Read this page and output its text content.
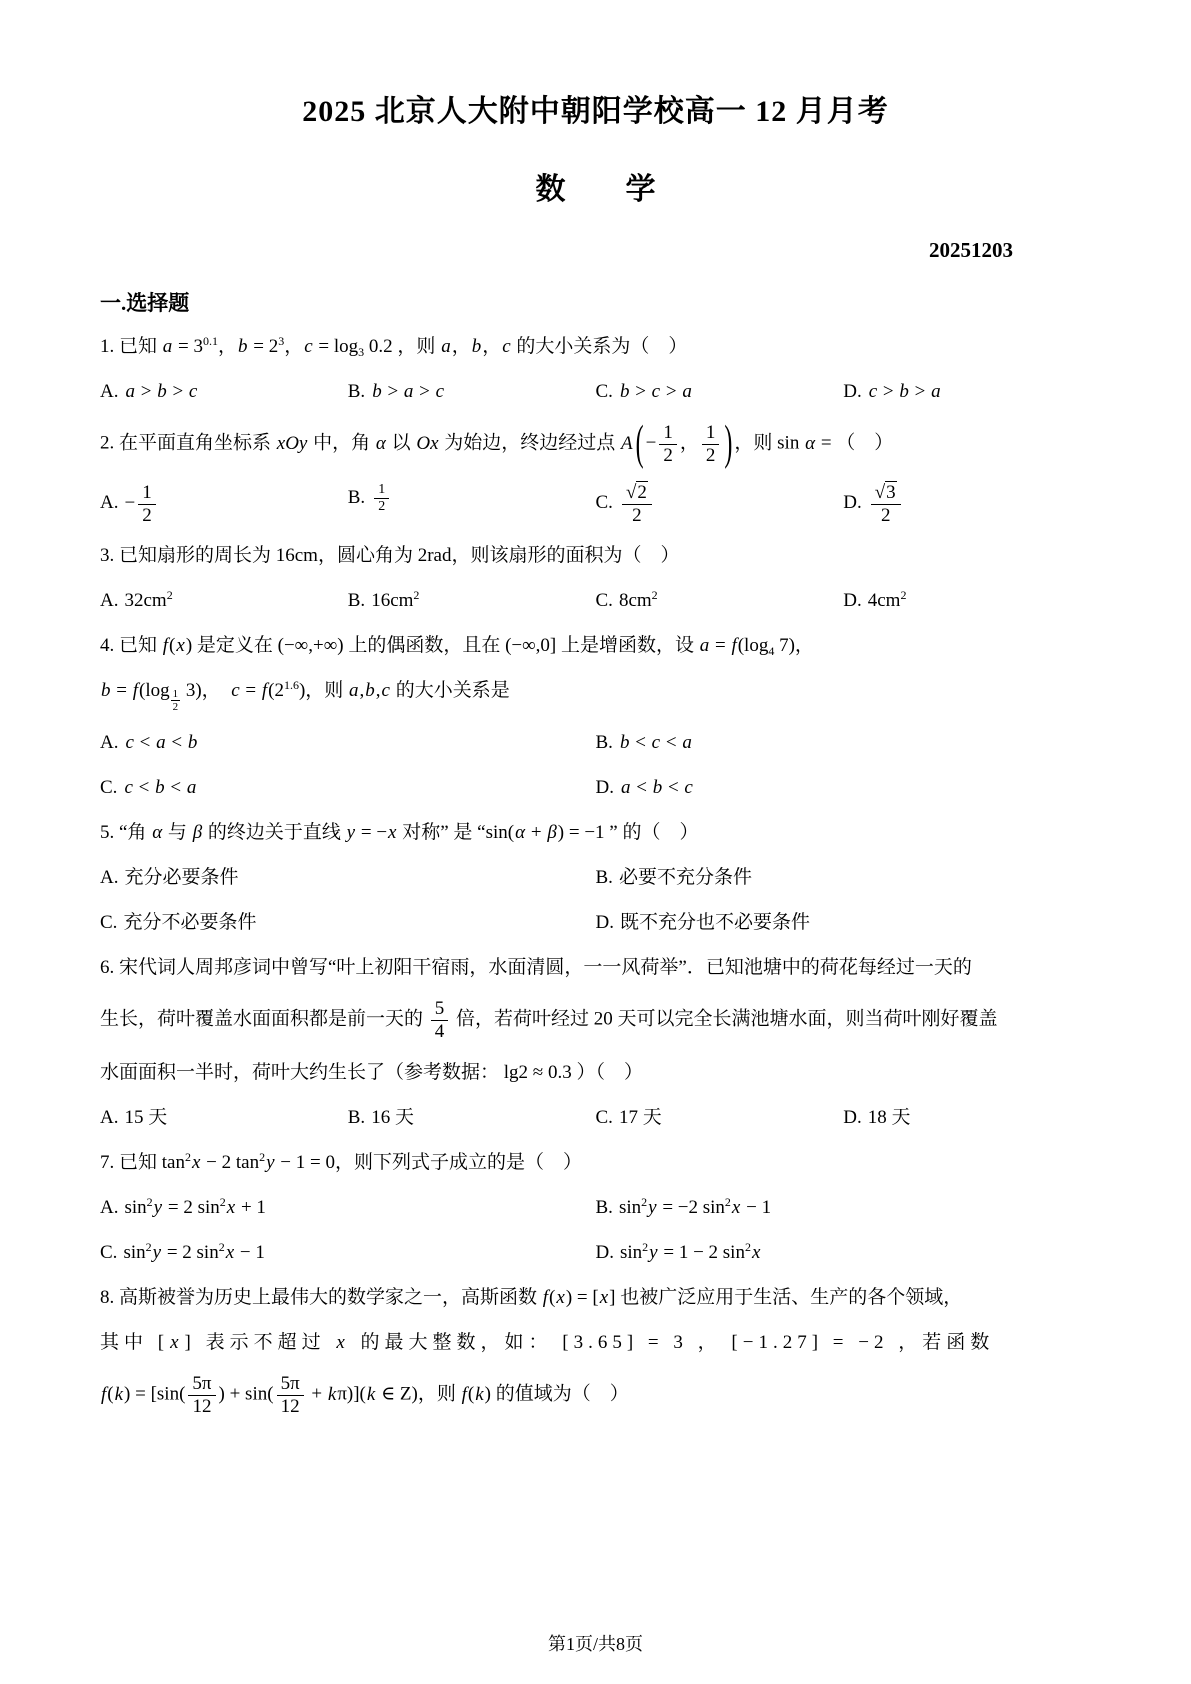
2025 北京人大附中朝阳学校高一 12 月月考
数　　学
20251203
一.选择题
1. 已知 $a = 3^{0.1}$，$b = 2^3$，$c = \log_3 0.2$ ，则 a，b，c 的大小关系为（　）
A. a > b > c	B. b > a > c	C. b > c > a	D. c > b > a
2. 在平面直角坐标系 xOy 中，角 α 以 Ox 为始边，终边经过点 A ( − $\frac{1}{2}$ ， $\frac{1}{2}$ ) ，则 sin α = （　）
A. − $\frac{1}{2}$	B. $\frac{1}{2}$	C. $\frac{√2}{2}$	D. $\frac{√3}{2}$
3. 已知扇形的周长为 16cm，圆心角为 2rad，则该扇形的面积为（　）
A. $32cm^2$	B. $16cm^2$	C. $8cm^2$	D. $4cm^2$
4. 已知 f(x) 是定义在 (−∞,+∞) 上的偶函数，且在 (−∞,0] 上是增函数，设 $a = f(\log_4$ 7)，
$b = f(\log \frac{1}{2} 3)$，　$c = f(2^{1.6})$，则 a,b,c 的大小关系是
A. c < a < b	B. b < c < a
C. c < b < a	D. a < b < c
5. “角 α 与 β 的终边关于直线 y = −x 对称” 是 “sin(α + β) = −1 ” 的（　）
A. 充分必要条件	B. 必要不充分条件
C. 充分不必要条件	D. 既不充分也不必要条件
6. 宋代词人周邦彦词中曾写“叶上初阳干宿雨，水面清圆，一一风荷举”．已知池塘中的荷花每经过一天的
生长，荷叶覆盖水面面积都是前一天的 $\frac{5}{4}$ 倍，若荷叶经过 20 天可以完全长满池塘水面，则当荷叶刚好覆盖
水面面积一半时，荷叶大约生长了（参考数据： lg2 ≈ 0.3 ）（　）
A. 15 天	B. 16 天	C. 17 天	D. 18 天
7. 已知 $\tan^2x - 2$ $\tan^2y - 1 = 0$，则下列式子成立的是（　）
A. $\sin^2y = 2$ $\sin^2x + 1$	B. $\sin^2y = -2$ $\sin^2x - 1$
C. $\sin^2y = 2$ $\sin^2x - 1$	D. $\sin^2y = 1 - 2$ $\sin^2x$
8. 高斯被誉为历史上最伟大的数学家之一，高斯函数 f(x) = [x] 也被广泛应用于生活、生产的各个领域，
其中 [x] 表示不超过 x 的最大整数，如： [3.65] = 3 ， [−1.27] = −2 ，若函数
$f(k) = [\sin( \frac{5\pi}{12}$ ) + $\sin( \frac{5\pi}{12} + k\pi)](k$ ∈ Z)，则 f(k) 的值域为（　）
第1页/共8页
